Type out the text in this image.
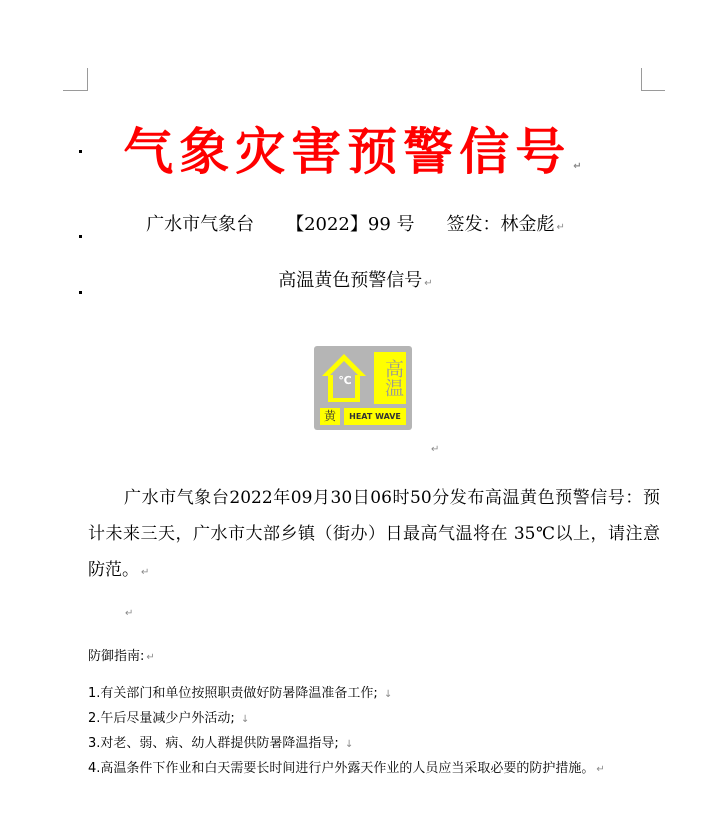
气象灾害预警信号 ↵
广水市气象台 【2022】99 号 签发：林金彪 ↵
高温黄色预警信号 ↵
℃	高温
黄	HEAT WAVE
↵
广水市气象台2022年09月30日06时50分发布高温黄色预警信号：预计未来三天，广水市大部乡镇（街办）日最高气温将在 35℃以上，请注意防范。 ↵
↵
防御指南: ↵
1.有关部门和单位按照职责做好防暑降温准备工作; ↓
2.午后尽量减少户外活动; ↓
3.对老、弱、病、幼人群提供防暑降温指导; ↓
4.高温条件下作业和白天需要长时间进行户外露天作业的人员应当采取必要的防护措施。 ↵
